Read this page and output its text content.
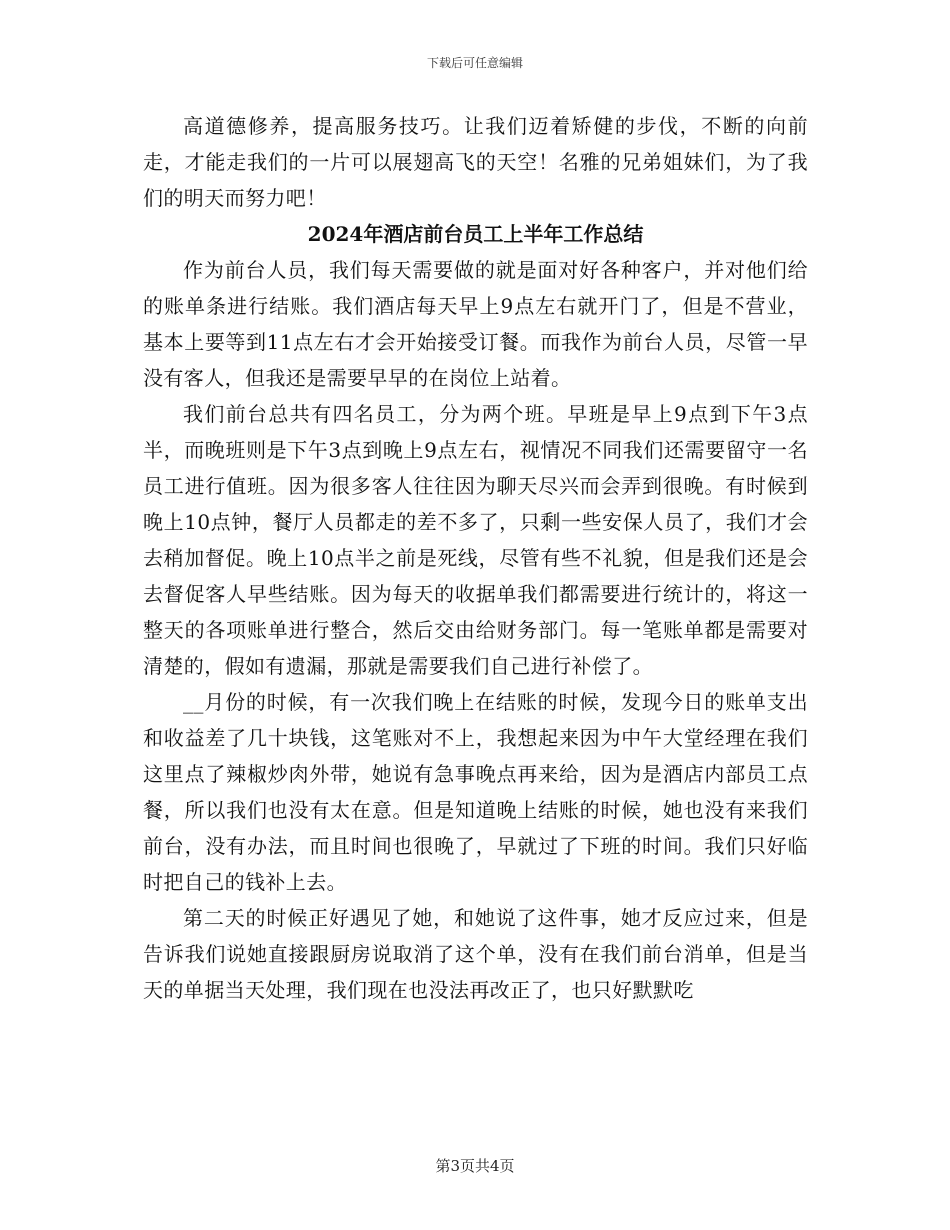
下载后可任意编辑

高道德修养，提高服务技巧。让我们迈着矫健的步伐，不断的向前走，才能走我们的一片可以展翅高飞的天空！名雅的兄弟姐妹们，为了我们的明天而努力吧！

2024年酒店前台员工上半年工作总结

作为前台人员，我们每天需要做的就是面对好各种客户，并对他们给的账单条进行结账。我们酒店每天早上9点左右就开门了，但是不营业，基本上要等到11点左右才会开始接受订餐。而我作为前台人员，尽管一早没有客人，但我还是需要早早的在岗位上站着。

我们前台总共有四名员工，分为两个班。早班是早上9点到下午3点半，而晚班则是下午3点到晚上9点左右，视情况不同我们还需要留守一名员工进行值班。因为很多客人往往因为聊天尽兴而会弄到很晚。有时候到晚上10点钟，餐厅人员都走的差不多了，只剩一些安保人员了，我们才会去稍加督促。晚上10点半之前是死线，尽管有些不礼貌，但是我们还是会去督促客人早些结账。因为每天的收据单我们都需要进行统计的，将这一整天的各项账单进行整合，然后交由给财务部门。每一笔账单都是需要对清楚的，假如有遗漏，那就是需要我们自己进行补偿了。

__月份的时候，有一次我们晚上在结账的时候，发现今日的账单支出和收益差了几十块钱，这笔账对不上，我想起来因为中午大堂经理在我们这里点了辣椒炒肉外带，她说有急事晚点再来给，因为是酒店内部员工点餐，所以我们也没有太在意。但是知道晚上结账的时候，她也没有来我们前台，没有办法，而且时间也很晚了，早就过了下班的时间。我们只好临时把自己的钱补上去。

第二天的时候正好遇见了她，和她说了这件事，她才反应过来，但是告诉我们说她直接跟厨房说取消了这个单，没有在我们前台消单，但是当天的单据当天处理，我们现在也没法再改正了，也只好默默吃

第3页共4页
